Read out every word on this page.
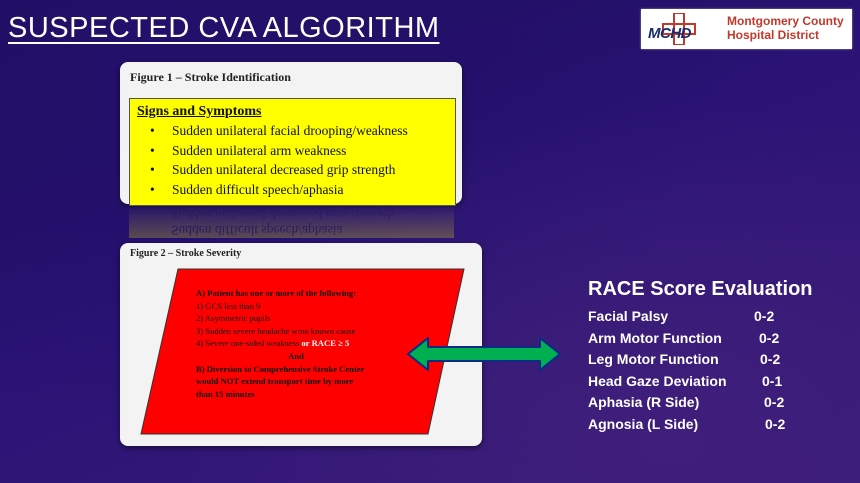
SUSPECTED CVA ALGORITHM	MCHD
Montgomery County
Hospital District
Figure 1 – Stroke Identification
Signs and Symptoms
• Sudden unilateral facial drooping/weakness
• Sudden unilateral arm weakness
• Sudden unilateral decreased grip strength
• Sudden difficult speech/aphasia
Sudden difficult speech/aphasia
Sudden unilateral decreased grip strength
Figure 2 – Stroke Severity
A) Patient has one or more of the following:
1) GCS less than 9
2) Asymmetric pupils
3) Sudden severe headache w/no known cause
4) Severe one-sided weakness or RACE ≥ 5
And
B) Diversion to Comprehensive Stroke Center
would NOT extend transport time by more
than 15 minutes
RACE Score Evaluation
Facial Palsy	0-2
Arm Motor Function	0-2
Leg Motor Function	0-2
Head Gaze Deviation	0-1
Aphasia (R Side)	0-2
Agnosia (L Side)	0-2
